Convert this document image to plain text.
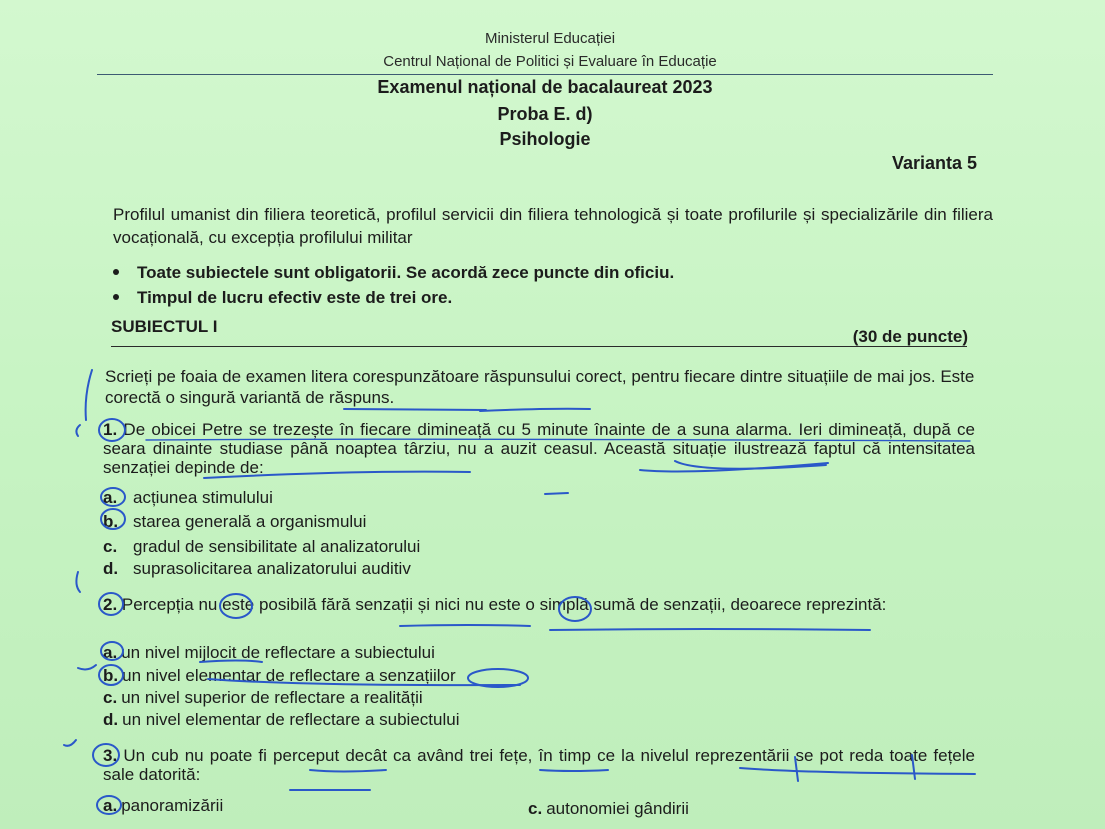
Ministerul Educației
Centrul Național de Politici și Evaluare în Educație
Examenul național de bacalaureat 2023
Proba E. d)
Psihologie
Varianta 5
Profilul umanist din filiera teoretică, profilul servicii din filiera tehnologică și toate profilurile și specializările din filiera vocațională, cu excepția profilului militar
Toate subiectele sunt obligatorii. Se acordă zece puncte din oficiu.
Timpul de lucru efectiv este de trei ore.
SUBIECTUL I
(30 de puncte)
Scrieți pe foaia de examen litera corespunzătoare răspunsului corect, pentru fiecare dintre situațiile de mai jos. Este corectă o singură variantă de răspuns.
1. De obicei Petre se trezește în fiecare dimineață cu 5 minute înainte de a suna alarma. Ieri dimineață, după ce seara dinainte studiase până noaptea târziu, nu a auzit ceasul. Această situație ilustrează faptul că intensitatea senzației depinde de:
a. acțiunea stimulului
b. starea generală a organismului
c. gradul de sensibilitate al analizatorului
d. suprasolicitarea analizatorului auditiv
2. Percepția nu este posibilă fără senzații și nici nu este o simplă sumă de senzații, deoarece reprezintă:
a. un nivel mijlocit de reflectare a subiectului
b. un nivel elementar de reflectare a senzațiilor
c. un nivel superior de reflectare a realității
d. un nivel elementar de reflectare a subiectului
3. Un cub nu poate fi perceput decât ca având trei fețe, în timp ce la nivelul reprezentării se pot reda toate fețele sale datorită:
a. panoramizării	c. autonomiei gândirii
